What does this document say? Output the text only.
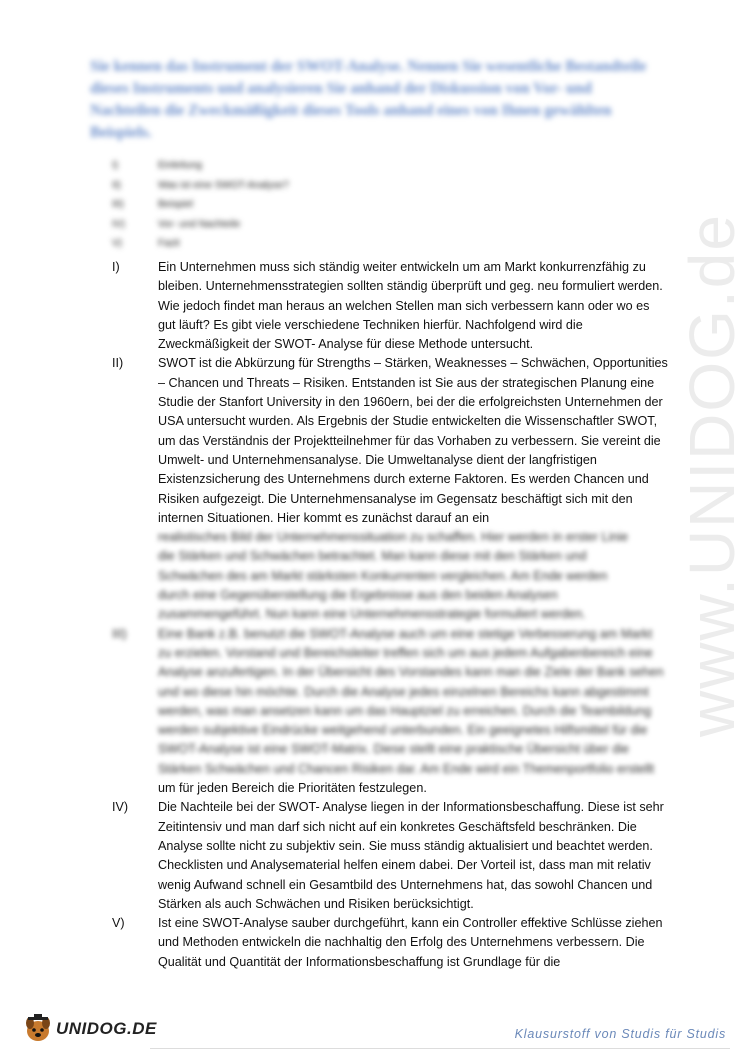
Sie kennen das Instrument der SWOT-Analyse. Nennen Sie wesentliche Bestandteile dieses Instruments und analysieren Sie anhand der Diskussion von Vor- und Nachteilen die Zweckmäßigkeit dieses Tools anhand eines von Ihnen gewählten Beispiels.
I)	Einleitung
II)	Was ist eine SWOT-Analyse?
III)	Beispiel
IV)	Vor- und Nachteile
V)	Fazit	www.UNIDOG.de
I)	Ein Unternehmen muss sich ständig weiter entwickeln um am Markt konkurrenzfähig zu bleiben. Unternehmensstrategien sollten ständig überprüft und geg. neu formuliert werden. Wie jedoch findet man heraus an welchen Stellen man sich verbessern kann oder wo es gut läuft? Es gibt viele verschiedene Techniken hierfür. Nachfolgend wird die Zweckmäßigkeit der SWOT- Analyse für diese Methode untersucht.
II)	SWOT ist die Abkürzung für Strengths – Stärken, Weaknesses – Schwächen, Opportunities – Chancen und Threats – Risiken. Entstanden ist Sie aus der strategischen Planung eine Studie der Stanfort University in den 1960ern, bei der die erfolgreichsten Unternehmen der USA untersucht wurden. Als Ergebnis der Studie entwickelten die Wissenschaftler SWOT, um das Verständnis der Projektteilnehmer für das Vorhaben zu verbessern. Sie vereint die Umwelt- und Unternehmensanalyse. Die Umweltanalyse dient der langfristigen Existenzsicherung des Unternehmens durch externe Faktoren. Es werden Chancen und Risiken aufgezeigt. Die Unternehmensanalyse im Gegensatz beschäftigt sich mit den internen Situationen. Hier kommt es zunächst darauf an ein
realistisches Bild der Unternehmenssituation zu schaffen. Hier werden in erster Linie
die Stärken und Schwächen betrachtet. Man kann diese mit den Stärken und
Schwächen des am Markt stärksten Konkurrenten vergleichen. Am Ende werden
durch eine Gegenüberstellung die Ergebnisse aus den beiden Analysen
zusammengeführt. Nun kann eine Unternehmensstrategie formuliert werden.
III)	Eine Bank z.B. benutzt die SWOT-Analyse auch um eine stetige Verbesserung am Markt
zu erzielen. Vorstand und Bereichsleiter treffen sich um aus jedem Aufgabenbereich eine
Analyse anzufertigen. In der Übersicht des Vorstandes kann man die Ziele der Bank sehen
und wo diese hin möchte. Durch die Analyse jedes einzelnen Bereichs kann abgestimmt
werden, was man ansetzen kann um das Hauptziel zu erreichen. Durch die Teambildung
werden subjektive Eindrücke weitgehend unterbunden. Ein geeignetes Hilfsmittel für die
SWOT-Analyse ist eine SWOT-Matrix. Diese stellt eine praktische Übersicht über die
Stärken Schwächen und Chancen Risiken dar. Am Ende wird ein Themenportfolio erstellt
um für jeden Bereich die Prioritäten festzulegen.
IV)	Die Nachteile bei der SWOT- Analyse liegen in der Informationsbeschaffung. Diese ist sehr Zeitintensiv und man darf sich nicht auf ein konkretes Geschäftsfeld beschränken. Die Analyse sollte nicht zu subjektiv sein. Sie muss ständig aktualisiert und beachtet werden. Checklisten und Analysematerial helfen einem dabei. Der Vorteil ist, dass man mit relativ wenig Aufwand schnell ein Gesamtbild des Unternehmens hat, das sowohl Chancen und Stärken als auch Schwächen und Risiken berücksichtigt.
V)	Ist eine SWOT-Analyse sauber durchgeführt, kann ein Controller effektive Schlüsse ziehen und Methoden entwickeln die nachhaltig den Erfolg des Unternehmens verbessern. Die Qualität und Quantität der Informationsbeschaffung ist Grundlage für die
UNIDOG.DE	Klausurstoff von Studis für Studis
